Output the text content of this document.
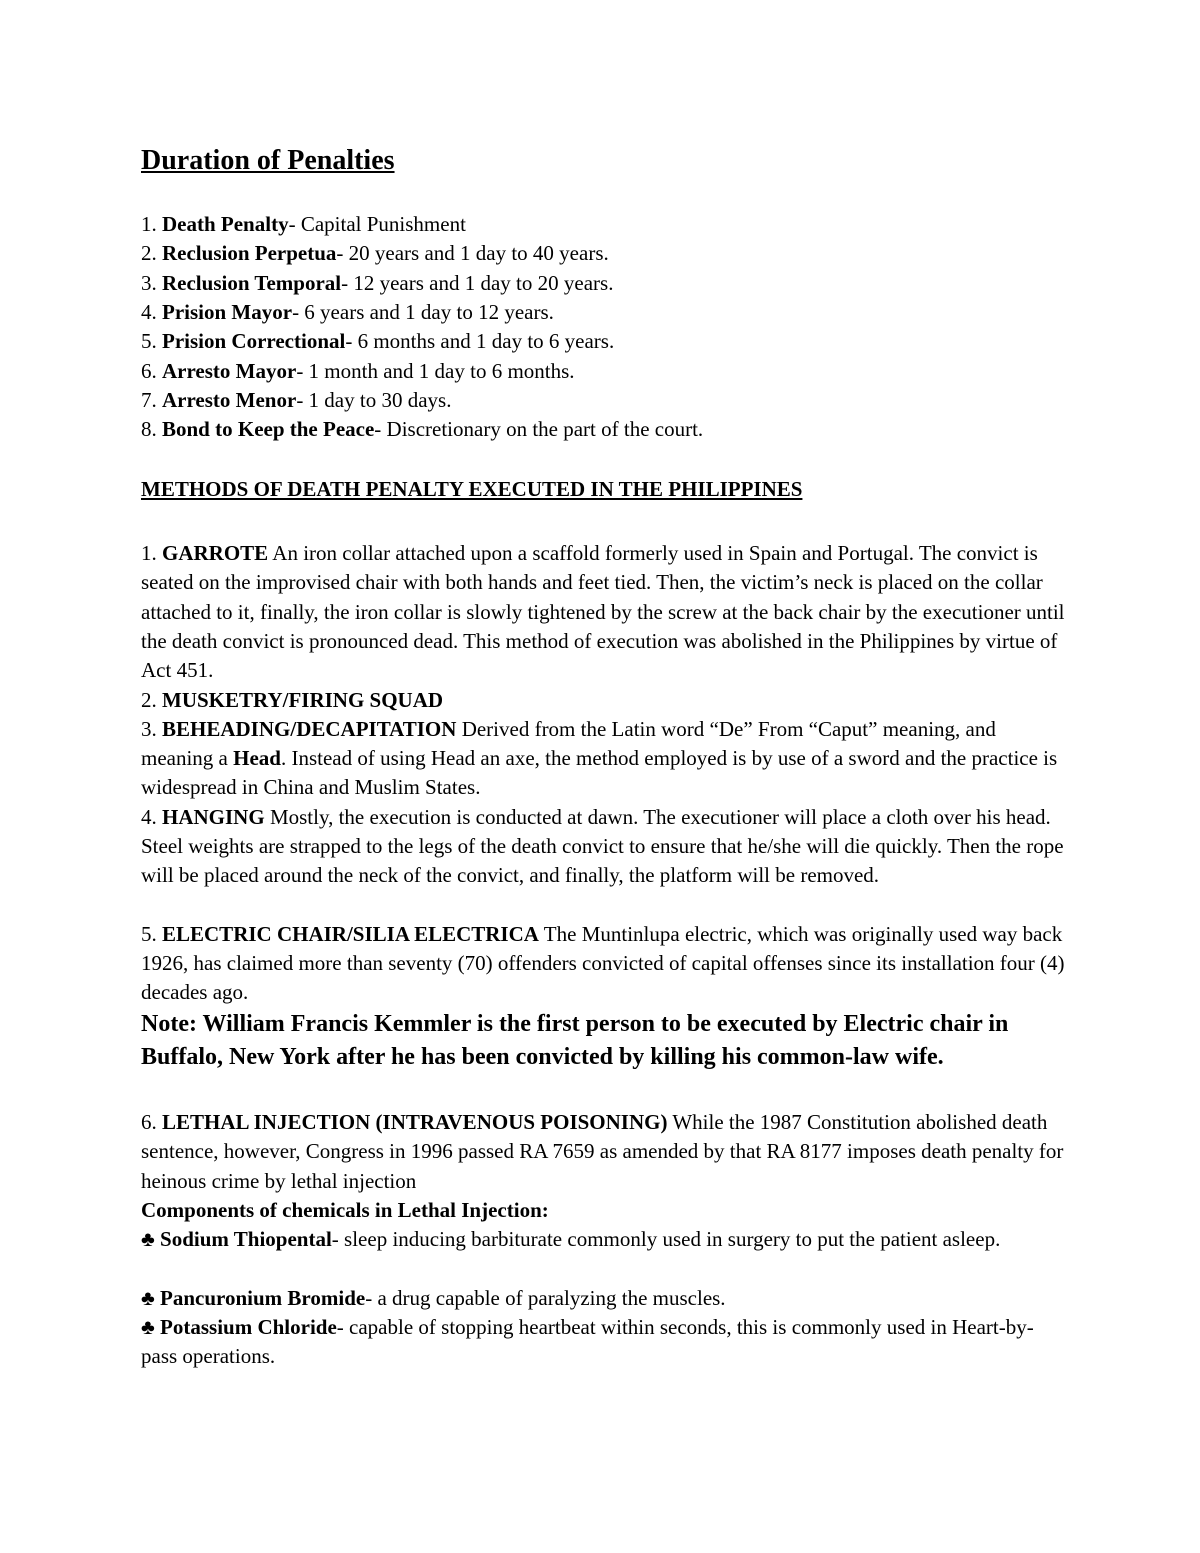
Duration of Penalties
1. Death Penalty- Capital Punishment
2. Reclusion Perpetua- 20 years and 1 day to 40 years.
3. Reclusion Temporal- 12 years and 1 day to 20 years.
4. Prision Mayor- 6 years and 1 day to 12 years.
5. Prision Correctional- 6 months and 1 day to 6 years.
6. Arresto Mayor- 1 month and 1 day to 6 months.
7. Arresto Menor- 1 day to 30 days.
8. Bond to Keep the Peace- Discretionary on the part of the court.
METHODS OF DEATH PENALTY EXECUTED IN THE PHILIPPINES
1. GARROTE An iron collar attached upon a scaffold formerly used in Spain and Portugal. The convict is seated on the improvised chair with both hands and feet tied. Then, the victim’s neck is placed on the collar attached to it, finally, the iron collar is slowly tightened by the screw at the back chair by the executioner until the death convict is pronounced dead. This method of execution was abolished in the Philippines by virtue of Act 451.
2. MUSKETRY/FIRING SQUAD
3. BEHEADING/DECAPITATION Derived from the Latin word “De” From “Caput” meaning, and meaning a Head. Instead of using Head an axe, the method employed is by use of a sword and the practice is widespread in China and Muslim States.
4. HANGING Mostly, the execution is conducted at dawn. The executioner will place a cloth over his head. Steel weights are strapped to the legs of the death convict to ensure that he/she will die quickly. Then the rope will be placed around the neck of the convict, and finally, the platform will be removed.
5. ELECTRIC CHAIR/SILIA ELECTRICA The Muntinlupa electric, which was originally used way back 1926, has claimed more than seventy (70) offenders convicted of capital offenses since its installation four (4) decades ago.
Note: William Francis Kemmler is the first person to be executed by Electric chair in Buffalo, New York after he has been convicted by killing his common-law wife.
6. LETHAL INJECTION (INTRAVENOUS POISONING) While the 1987 Constitution abolished death sentence, however, Congress in 1996 passed RA 7659 as amended by that RA 8177 imposes death penalty for heinous crime by lethal injection
Components of chemicals in Lethal Injection:
♣ Sodium Thiopental- sleep inducing barbiturate commonly used in surgery to put the patient asleep.
♣ Pancuronium Bromide- a drug capable of paralyzing the muscles.
♣ Potassium Chloride- capable of stopping heartbeat within seconds, this is commonly used in Heart-by-pass operations.
